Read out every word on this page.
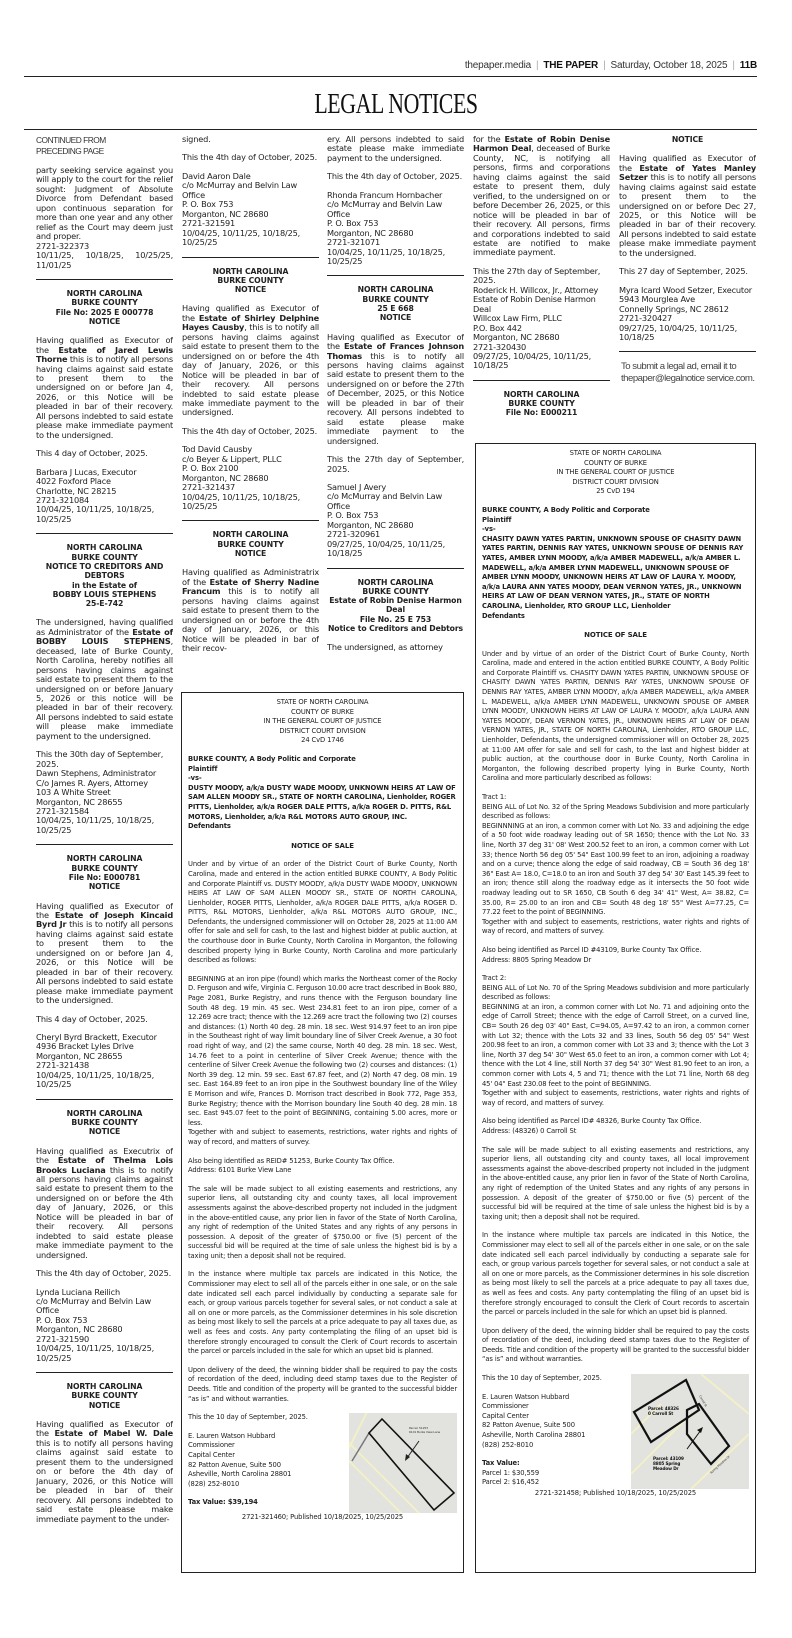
thepaper.media | THE PAPER | Saturday, October 18, 2025 | 11B
LEGAL NOTICES
CONTINUED FROM
PRECEDING PAGE

party seeking service against you will apply to the court for the relief sought: Judgment of Absolute Divorce from Defendant based upon continuous separation for more than one year and any other relief as the Court may deem just and proper.
2721-322373
10/11/25, 10/18/25, 10/25/25, 11/01/25

NORTH CAROLINA
BURKE COUNTY
File No: 2025 E 000778
NOTICE

Having qualified as Executor of the Estate of Jared Lewis Thorne this is to notify all persons having claims against said estate to present them to the undersigned on or before Jan 4, 2026, or this Notice will be pleaded in bar of their recovery. All persons indebted to said estate please make immediate payment to the undersigned.

This 4 day of October, 2025.

Barbara J Lucas, Executor
4022 Foxford Place
Charlotte, NC 28215
2721-321084
10/04/25, 10/11/25, 10/18/25, 10/25/25
NORTH CAROLINA
BURKE COUNTY
NOTICE TO CREDITORS AND DEBTORS
in the Estate of
BOBBY LOUIS STEPHENS
25-E-742

The undersigned, having qualified as Administrator of the Estate of BOBBY LOUIS STEPHENS, deceased, late of Burke County, North Carolina, hereby notifies all persons having claims against said estate to present them to the undersigned on or before January 5, 2026 or this notice will be pleaded in bar of their recovery. All persons indebted to said estate will please make immediate payment to the undersigned.

This the 30th day of September, 2025.
Dawn Stephens, Administrator
C/o James R. Ayers, Attorney
103 A White Street
Morganton, NC 28655
2721-321584
10/04/25, 10/11/25, 10/18/25, 10/25/25
NORTH CAROLINA
BURKE COUNTY
File No: E000781
NOTICE

Having qualified as Executor of the Estate of Joseph Kincaid Byrd Jr this is to notify all persons having claims against said estate to present them to the undersigned on or before Jan 4, 2026, or this Notice will be pleaded in bar of their recovery. All persons indebted to said estate please make immediate payment to the undersigned.

This 4 day of October, 2025.

Cheryl Byrd Brackett, Executor
4936 Bracket Lyles Drive
Morganton, NC 28655
2721-321438
10/04/25, 10/11/25, 10/18/25, 10/25/25
NORTH CAROLINA
BURKE COUNTY
NOTICE

Having qualified as Executrix of the Estate of Thelma Lois Brooks Luciana this is to notify all persons having claims against said estate to present them to the undersigned on or before the 4th day of January, 2026, or this Notice will be pleaded in bar of their recovery. All persons indebted to said estate please make immediate payment to the undersigned.

This the 4th day of October, 2025.

Lynda Luciana Reilich
c/o McMurray and Belvin Law Office
P. O. Box 753
Morganton, NC 28680
2721-321590
10/04/25, 10/11/25, 10/18/25, 10/25/25
NORTH CAROLINA
BURKE COUNTY
NOTICE

Having qualified as Executor of the Estate of Mabel W. Dale this is to notify all persons having claims against said estate to present them to the undersigned on or before the 4th day of January, 2026, or this Notice will be pleaded in bar of their recovery. All persons indebted to said estate please make immediate payment to the under-

signed.

This the 4th day of October, 2025.

David Aaron Dale
c/o McMurray and Belvin Law Office
P. O. Box 753
Morganton, NC 28680
2721-321591
10/04/25, 10/11/25, 10/18/25, 10/25/25
NORTH CAROLINA
BURKE COUNTY
NOTICE

Having qualified as Executor of the Estate of Shirley Delphine Hayes Causby, this is to notify all persons having claims against said estate to present them to the undersigned on or before the 4th day of January, 2026, or this Notice will be pleaded in bar of their recovery. All persons indebted to said estate please make immediate payment to the undersigned.

This the 4th day of October, 2025.

Tod David Causby
c/o Beyer & Lippert, PLLC
P. O. Box 2100
Morganton, NC 28680
2721-321437
10/04/25, 10/11/25, 10/18/25, 10/25/25
NORTH CAROLINA
BURKE COUNTY
NOTICE

Having qualified as Administratrix of the Estate of Sherry Nadine Francum this is to notify all persons having claims against said estate to present them to the undersigned on or before the 4th day of January, 2026, or this Notice will be pleaded in bar of their recov-

ery. All persons indebted to said estate please make immediate payment to the undersigned.

This the 4th day of October, 2025.

Rhonda Francum Hornbacher
c/o McMurray and Belvin Law Office
P. O. Box 753
Morganton, NC 28680
2721-321071
10/04/25, 10/11/25, 10/18/25, 10/25/25
NORTH CAROLINA
BURKE COUNTY
25 E 668
NOTICE

Having qualified as Executor of the Estate of Frances Johnson Thomas this is to notify all persons having claims against said estate to present them to the undersigned on or before the 27th of December, 2025, or this Notice will be pleaded in bar of their recovery. All persons indebted to said estate please make immediate payment to the undersigned.

This the 27th day of September, 2025.

Samuel J Avery
c/o McMurray and Belvin Law Office
P. O. Box 753
Morganton, NC 28680
2721-320961
09/27/25, 10/04/25, 10/11/25, 10/18/25
NORTH CAROLINA
BURKE COUNTY
Estate of Robin Denise Harmon Deal
File No. 25 E 753
Notice to Creditors and Debtors

The undersigned, as attorney

for the Estate of Robin Denise Harmon Deal, deceased of Burke County, NC, is notifying all persons, firms and corporations having claims against the said estate to present them, duly verified, to the undersigned on or before December 26, 2025, or this notice will be pleaded in bar of their recovery. All persons, firms and corporations indebted to said estate are notified to make immediate payment.

This the 27th day of September, 2025.
Roderick H. Willcox, Jr., Attorney Estate of Robin Denise Harmon Deal
Willcox Law Firm, PLLC
P.O. Box 442
Morganton, NC 28680
2721-320430
09/27/25, 10/04/25, 10/11/25, 10/18/25
NORTH CAROLINA
BURKE COUNTY
File No: E000211
NOTICE

Having qualified as Executor of the Estate of Yates Manley Setzer this is to notify all persons having claims against said estate to present them to the undersigned on or before Dec 27, 2025, or this Notice will be pleaded in bar of their recovery. All persons indebted to said estate please make immediate payment to the undersigned.

This 27 day of September, 2025.

Myra Icard Wood Setzer, Executor
5943 Mourglea Ave
Connelly Springs, NC 28612
2721-320427
09/27/25, 10/04/25, 10/11/25, 10/18/25
To submit a legal ad, email it to thepaper@legalnotice service.com.
STATE OF NORTH CAROLINA
COUNTY OF BURKE
IN THE GENERAL COURT OF JUSTICE
DISTRICT COURT DIVISION
24 CvD 1746
BURKE COUNTY, A Body Politic and Corporate
Plaintiff
-vs-
DUSTY MOODY, a/k/a DUSTY WADE MOODY, UNKNOWN HEIRS AT LAW OF SAM ALLEN MOODY SR., STATE OF NORTH CAROLINA, Lienholder, ROGER PITTS, Lienholder, a/k/a ROGER DALE PITTS, a/k/a ROGER D. PITTS, R&L MOTORS, Lienholder, a/k/a R&L MOTORS AUTO GROUP, INC.
Defendants
NOTICE OF SALE

Under and by virtue of an order of the District Court of Burke County, North Carolina, made and entered in the action entitled BURKE COUNTY, A Body Politic and Corporate Plaintiff vs. DUSTY MOODY, a/k/a DUSTY WADE MOODY, UNKNOWN HEIRS AT LAW OF SAM ALLEN MOODY SR., STATE OF NORTH CAROLINA, Lienholder, ROGER PITTS, Lienholder, a/k/a ROGER DALE PITTS, a/k/a ROGER D. PITTS, R&L MOTORS, Lienholder, a/k/a R&L MOTORS AUTO GROUP, INC., Defendants, the undersigned commissioner will on October 28, 2025 at 11:00 AM offer for sale and sell for cash, to the last and highest bidder at public auction, at the courthouse door in Burke County, North Carolina in Morganton, the following described property lying in Burke County, North Carolina and more particularly described as follows:

BEGINNING at an iron pipe (found) which marks the Northeast corner of the Rocky D. Ferguson and wife, Virginia C. Ferguson 10.00 acre tract described in Book 880, Page 2081, Burke Registry, and runs thence with the Ferguson boundary line South 48 deg. 19 min. 45 sec. West 234.81 feet to an iron pipe, corner of a 12.269 acre tract; thence with the 12.269 acre tract the following two (2) courses and distances: (1) North 40 deg. 28 min. 18 sec. West 914.97 feet to an iron pipe in the Southeast right of way limit boundary line of Silver Creek Avenue, a 30 foot road right of way, and (2) the same course, North 40 deg. 28 min. 18 sec. West, 14.76 feet to a point in centerline of Silver Creek Avenue; thence with the centerline of Silver Creek Avenue the following two (2) courses and distances: (1) North 39 deg. 12 min. 59 sec. East 67.87 feet, and (2) North 47 deg. 08 min. 19 sec. East 164.89 feet to an iron pipe in the Southwest boundary line of the Wiley E Morrison and wife, Frances D. Morrison tract described in Book 772, Page 353, Burke Registry; thence with the Morrison boundary line South 40 deg. 28 min. 18 sec. East 945.07 feet to the point of BEGINNING, containing 5.00 acres, more or less.
Together with and subject to easements, restrictions, water rights and rights of way of record, and matters of survey.

Also being identified as REID# 51253, Burke County Tax Office.
Address: 6101 Burke View Lane

The sale will be made subject to all existing easements and restrictions, any superior liens, all outstanding city and county taxes, all local improvement assessments against the above-described property not included in the judgment in the above-entitled cause, any prior lien in favor of the State of North Carolina, any right of redemption of the United States and any rights of any persons in possession. A deposit of the greater of $750.00 or five (5) percent of the successful bid will be required at the time of sale unless the highest bid is by a taxing unit; then a deposit shall not be required.

In the instance where multiple tax parcels are indicated in this Notice, the Commissioner may elect to sell all of the parcels either in one sale, or on the sale date indicated sell each parcel individually by conducting a separate sale for each, or group various parcels together for several sales, or not conduct a sale at all on one or more parcels, as the Commissioner determines in his sole discretion as being most likely to sell the parcels at a price adequate to pay all taxes due, as well as fees and costs. Any party contemplating the filing of an upset bid is therefore strongly encouraged to consult the Clerk of Court records to ascertain the parcel or parcels included in the sale for which an upset bid is planned.

Upon delivery of the deed, the winning bidder shall be required to pay the costs of recordation of the deed, including deed stamp taxes due to the Register of Deeds. Title and condition of the property will be granted to the successful bidder “as is” and without warranties.

This the 10 day of September, 2025.

E. Lauren Watson Hubbard
Commissioner
Capital Center
82 Patton Avenue, Suite 500
Asheville, North Carolina 28801
(828) 252-8010
Tax Value: $39,194
Parcel: 51253
6101 Burke View Lane
2721-321460; Published 10/18/2025, 10/25/2025
STATE OF NORTH CAROLINA
COUNTY OF BURKE
IN THE GENERAL COURT OF JUSTICE
DISTRICT COURT DIVISION
25 CvD 194
BURKE COUNTY, A Body Politic and Corporate
Plaintiff
-vs-
CHASITY DAWN YATES PARTIN, UNKNOWN SPOUSE OF CHASITY DAWN YATES PARTIN, DENNIS RAY YATES, UNKNOWN SPOUSE OF DENNIS RAY YATES, AMBER LYNN MOODY, a/k/a AMBER MADEWELL, a/k/a AMBER L. MADEWELL, a/k/a AMBER LYNN MADEWELL, UNKNOWN SPOUSE OF AMBER LYNN MOODY, UNKNOWN HEIRS AT LAW OF LAURA Y. MOODY, a/k/a LAURA ANN YATES MOODY, DEAN VERNON YATES, JR., UNKNOWN HEIRS AT LAW OF DEAN VERNON YATES, JR., STATE OF NORTH CAROLINA, Lienholder, RTO GROUP LLC, Lienholder
Defendants
NOTICE OF SALE

Under and by virtue of an order of the District Court of Burke County, North Carolina, made and entered in the action entitled BURKE COUNTY, A Body Politic and Corporate Plaintiff vs. CHASITY DAWN YATES PARTIN, UNKNOWN SPOUSE OF CHASITY DAWN YATES PARTIN, DENNIS RAY YATES, UNKNOWN SPOUSE OF DENNIS RAY YATES, AMBER LYNN MOODY, a/k/a AMBER MADEWELL, a/k/a AMBER L. MADEWELL, a/k/a AMBER LYNN MADEWELL, UNKNOWN SPOUSE OF AMBER LYNN MOODY, UNKNOWN HEIRS AT LAW OF LAURA Y. MOODY, a/k/a LAURA ANN YATES MOODY, DEAN VERNON YATES, JR., UNKNOWN HEIRS AT LAW OF DEAN VERNON YATES, JR., STATE OF NORTH CAROLINA, Lienholder, RTO GROUP LLC, Lienholder, Defendants, the undersigned commissioner will on October 28, 2025 at 11:00 AM offer for sale and sell for cash, to the last and highest bidder at public auction, at the courthouse door in Burke County, North Carolina in Morganton, the following described property lying in Burke County, North Carolina and more particularly described as follows:

Tract 1:
BEING ALL of Lot No. 32 of the Spring Meadows Subdivision and more particularly described as follows:
BEGINNNING at an iron, a common corner with Lot No. 33 and adjoining the edge of a 50 foot wide roadway leading out of SR 1650; thence with the Lot No. 33 line, North 37 deg 31' 08' West 200.52 feet to an iron, a common corner with Lot 33; thence North 56 deg 05' 54" East 100.99 feet to an iron, adjoining a roadway and on a curve; thence along the edge of said roadway, CB = South 36 deg 18' 36" East A= 18.0, C=18.0 to an iron and South 37 deg 54' 30' East 145.39 feet to an iron; thence still along the roadway edge as it intersects the 50 foot wide roadway leading out to SR 1650, CB South 6 deg 34' 41" West, A= 38.82, C= 35.00, R= 25.00 to an iron and CB= South 48 deg 18' 55" West A=77.25, C= 77.22 feet to the point of BEGINNING.
Together with and subject to easements, restrictions, water rights and rights of way of record, and matters of survey.

Also being identified as Parcel ID #43109, Burke County Tax Office.
Address: 8805 Spring Meadow Dr

Tract 2:
BEING ALL of Lot No. 70 of the Spring Meadows subdivision and more particularly described as follows:
BEGINNING at an iron, a common corner with Lot No. 71 and adjoining onto the edge of Carroll Street; thence with the edge of Carroll Street, on a curved line, CB= South 26 deg 03' 40" East, C=94.05, A=97.42 to an iron, a common corner with Lot 32; thence with the Lots 32 and 33 lines, South 56 deg 05' 54" West 200.98 feet to an iron, a common corner with Lot 33 and 3; thence with the Lot 3 line, North 37 deg 54' 30" West 65.0 feet to an iron, a common corner with Lot 4; thence with the Lot 4 line, still North 37 deg 54' 30" West 81.90 feet to an iron, a common corner with Lots 4, 5 and 71; thence with the Lot 71 line, North 68 deg 45' 04" East 230.08 feet to the point of BEGINNING.
Together with and subject to easements, restrictions, water rights and rights of way of record, and matters of survey.

Also being identified as Parcel ID# 48326, Burke County Tax Office.
Address: (48326) 0 Carroll St

The sale will be made subject to all existing easements and restrictions, any superior liens, all outstanding city and county taxes, all local improvement assessments against the above-described property not included in the judgment in the above-entitled cause, any prior lien in favor of the State of North Carolina, any right of redemption of the United States and any rights of any persons in possession. A deposit of the greater of $750.00 or five (5) percent of the successful bid will be required at the time of sale unless the highest bid is by a taxing unit; then a deposit shall not be required.

In the instance where multiple tax parcels are indicated in this Notice, the Commissioner may elect to sell all of the parcels either in one sale, or on the sale date indicated sell each parcel individually by conducting a separate sale for each, or group various parcels together for several sales, or not conduct a sale at all on one or more parcels, as the Commissioner determines in his sole discretion as being most likely to sell the parcels at a price adequate to pay all taxes due, as well as fees and costs. Any party contemplating the filing of an upset bid is therefore strongly encouraged to consult the Clerk of Court records to ascertain the parcel or parcels included in the sale for which an upset bid is planned.

Upon delivery of the deed, the winning bidder shall be required to pay the costs of recordation of the deed, including deed stamp taxes due to the Register of Deeds. Title and condition of the property will be granted to the successful bidder “as is” and without warranties.

This the 10 day of September, 2025.

E. Lauren Watson Hubbard
Commissioner
Capital Center
82 Patton Avenue, Suite 500
Asheville, North Carolina 28801
(828) 252-8010
Tax Value:
Parcel 1: $30,559
Parcel 2: $16,452
Parcel: 48326
0 Carroll St
Parcel: 43109
8805 Spring
Meadow Dr
Carroll St
Spring Meadow Dr
2721-321458; Published 10/18/2025, 10/25/2025
